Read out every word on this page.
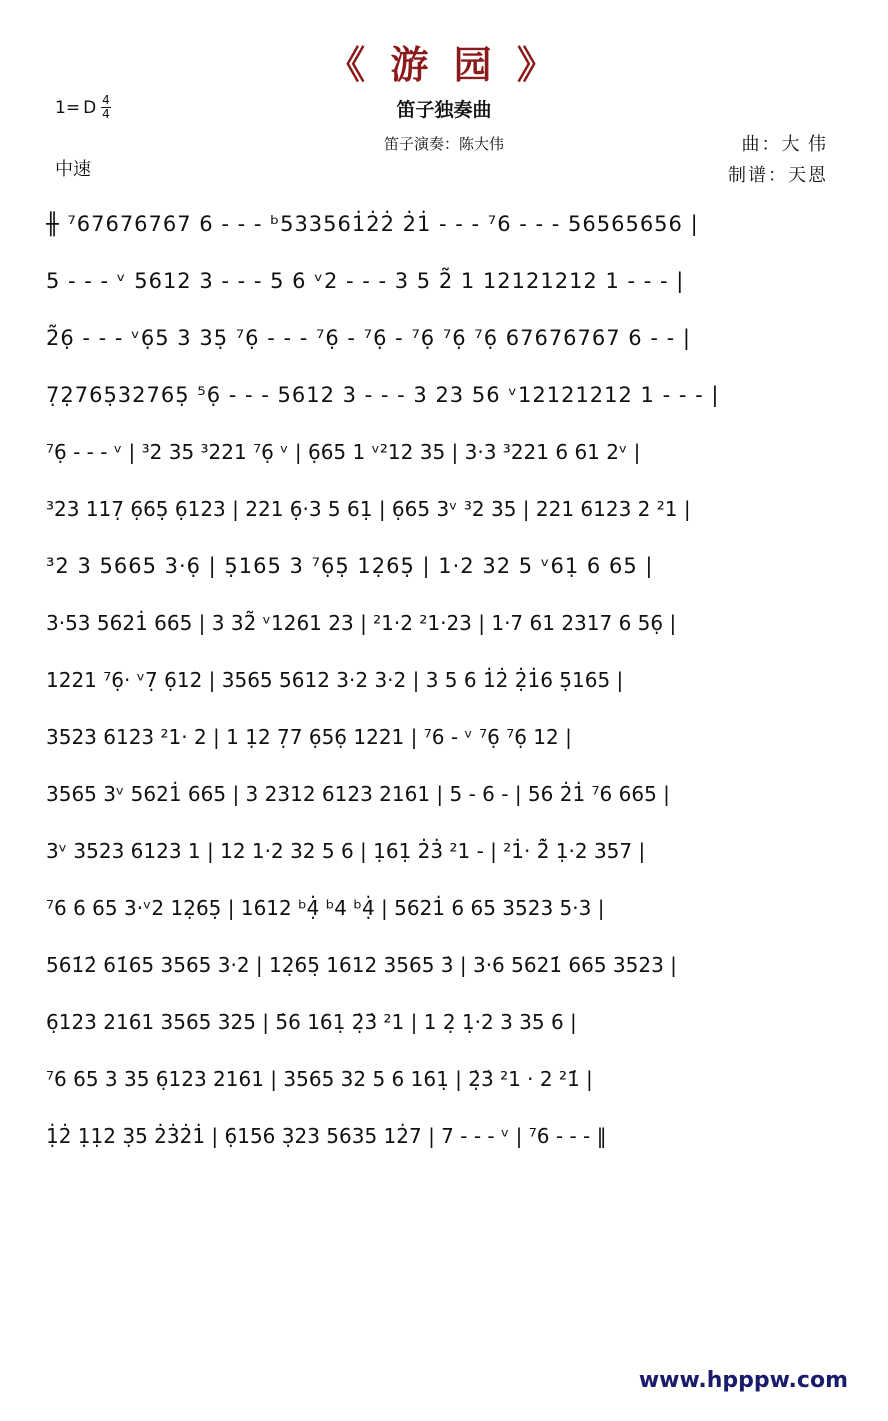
《 游 园 》
笛子独奏曲
笛子演奏：陈大伟
1= D $\frac{4}{4}$
中速
曲：大 伟
制谱：天恩
╫ ⁷67676767 6 - - - ᵇ533561̇2̇2̇ 2̇1̇ - - - ⁷6 - - - 56565656 |
5 - - - ᵛ 5612 3 - - - 5 6 ᵛ2 - - - 3 5 2̃ 1 12121212 1 - - - |
2̃6̣ - - - ᵛ6̣5 3 35̣ ⁷6̣ - - - ⁷6̣ - ⁷6̣ - ⁷6̣ ⁷6̣ ⁷6̣ 67676767 6 - - |
7̣2̣765̣32765̣ ⁵6̣ - - - 5612 3 - - - 3 23 56 ᵛ12121212 1 - - - |
⁷6̣ - - - ᵛ | ³2 35 ³221 ⁷6̣ ᵛ | 6̣65 1 ᵛ²12 35 | 3·3 ³221 6 61 2ᵛ |
³23 117̣ 6̣65̣ 6̣123 | 221 6̣·3 5 61̣ | 6̣65 3ᵛ ³2 35 | 221 6123 2 ²1 |
³2 3 5665 3·6̣ | 5̣165 3 ⁷6̣5̣ 12̣65̣ | 1·2 32 5 ᵛ61̣ 6 65 |
3·53 5621̇ 665 | 3 32̃ ᵛ1261 23 | ²1·2 ²1·23 | 1·7 61 2317 6 56̣ |
1221 ⁷6̣· ᵛ7̣ 6̣12 | 3565 5612 3·2 3·2 | 3 5 6 1̇2̇ 2̣̇1̇6 5̣165 |
3523 6123 ²1· 2 | 1 1̣2 7̣7 6̣56̣ 1221 | ⁷6 - ᵛ ⁷6̣ ⁷6̣ 12 |
3565 3ᵛ 5621̇ 665 | 3 2312 6123 2161 | 5 - 6 - | 56 2̇1̇ ⁷6 665 |
3ᵛ 3523 6123 1 | 12 1·2 32 5 6 | 1̣61̣ 2̇3̇ ²1 - | ²1̇· 2̃̇ 1̣·2 357 |
⁷6 6 65 3·ᵛ2 12̣65̣ | 1612 ᵇ4̣̇ ᵇ4 ᵇ4̣̇ | 5621̇ 6 65 3523 5·3 |
561̇2̇ 61̇65 3565 3·2 | 12̣65̣ 1612 3565 3̇ | 3·6 5621̇ 665 3523 |
6̣123 2161 3565 325 | 5̇6 161̣ 2̣̇3̇ ²1 | 1 2̣ 1̣·2 3 35 6 |
⁷6 65 3 35 6̣123 2161 | 3565 32 5 6 161̣ | 2̣̇3̇ ²1 · 2 ²1̇ |
1̣̇2̇ 1̣1̣2 3̣5 2̇3̇2̇1̇ | 6̣156 3̣23 5635 12̇7 | 7 - - - ᵛ | ⁷6 - - - ‖
www.hpppw.com
